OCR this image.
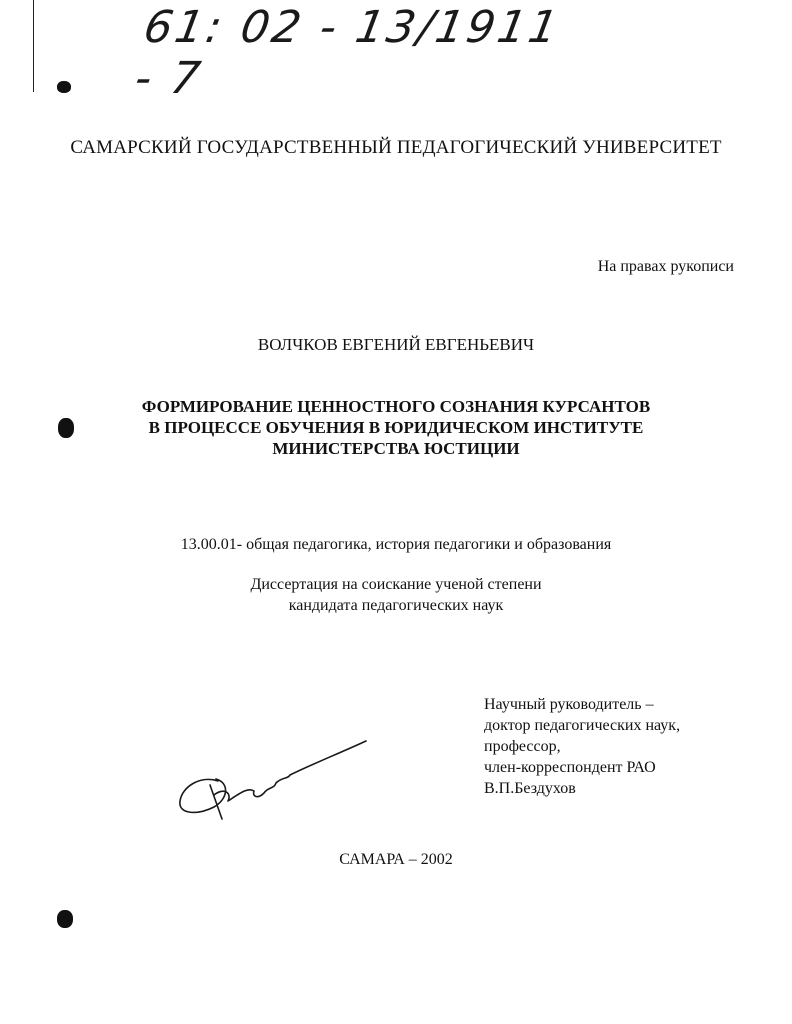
61: 02 - 13/1911 - 7
САМАРСКИЙ ГОСУДАРСТВЕННЫЙ ПЕДАГОГИЧЕСКИЙ УНИВЕРСИТЕТ
На правах рукописи
ВОЛЧКОВ ЕВГЕНИЙ ЕВГЕНЬЕВИЧ
ФОРМИРОВАНИЕ ЦЕННОСТНОГО СОЗНАНИЯ КУРСАНТОВ
В ПРОЦЕССЕ ОБУЧЕНИЯ В ЮРИДИЧЕСКОМ ИНСТИТУТЕ
МИНИСТЕРСТВА ЮСТИЦИИ
13.00.01- общая педагогика, история педагогики и образования
Диссертация на соискание ученой степени
кандидата педагогических наук
Научный руководитель –
доктор педагогических наук,
профессор,
член-корреспондент РАО
В.П.Бездухов
САМАРА – 2002
